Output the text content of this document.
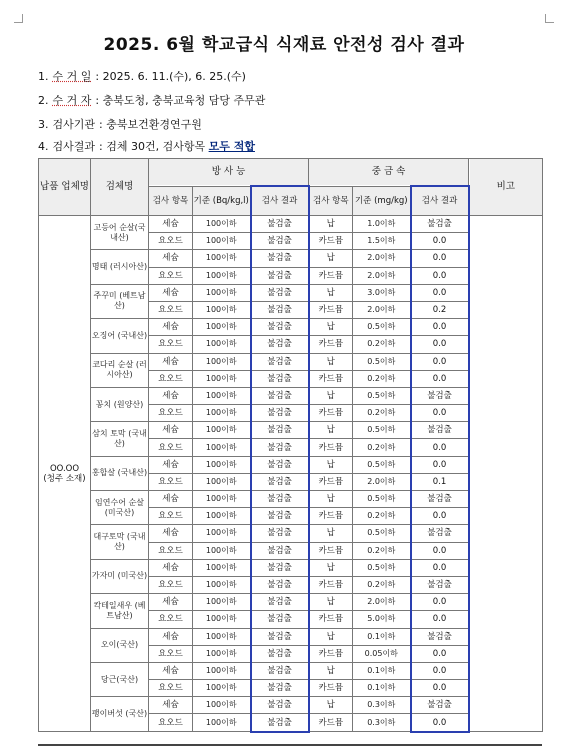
2025. 6월 학교급식 식재료 안전성 검사 결과
1. 수 거 일 : 2025. 6. 11.(수), 6. 25.(수)
2. 수 거 자 : 충북도청, 충북교육청 담당 주무관
3. 검사기관 : 충북보건환경연구원
4. 검사결과 : 검체 30건, 검사항목 모두 적합
납품 업체명	검체명	방 사 능			중 금 속			비고
		검사 항목	기준 (Bq/kg,l)	검사 결과	검사 항목	기준 (mg/kg)	검사 결과	

OO.OO
(청주 소재)	고등어 순살(국내산)	세슘	100이하	불검출	납	1.0이하	불검출	
		요오드	100이하	불검출	카드뮴	1.5이하	0.0	
	명태 (러시아산)	세슘	100이하	불검출	납	2.0이하	0.0	
		요오드	100이하	불검출	카드뮴	2.0이하	0.0	
	주꾸미 (베트남산)	세슘	100이하	불검출	납	3.0이하	0.0	
		요오드	100이하	불검출	카드뮴	2.0이하	0.2	
	오징어 (국내산)	세슘	100이하	불검출	납	0.5이하	0.0	
		요오드	100이하	불검출	카드뮴	0.2이하	0.0	
	코다리 순살 (러시아산)	세슘	100이하	불검출	납	0.5이하	0.0	
		요오드	100이하	불검출	카드뮴	0.2이하	0.0	
	꽁치 (원양산)	세슘	100이하	불검출	납	0.5이하	불검출	
		요오드	100이하	불검출	카드뮴	0.2이하	0.0	
	삼치 토막 (국내산)	세슘	100이하	불검출	납	0.5이하	불검출	
		요오드	100이하	불검출	카드뮴	0.2이하	0.0	
	홍합살 (국내산)	세슘	100이하	불검출	납	0.5이하	0.0	
		요오드	100이하	불검출	카드뮴	2.0이하	0.1	
	임연수어 순살(미국산)	세슘	100이하	불검출	납	0.5이하	불검출	
		요오드	100이하	불검출	카드뮴	0.2이하	0.0	
	대구토막 (국내산)	세슘	100이하	불검출	납	0.5이하	불검출	
		요오드	100이하	불검출	카드뮴	0.2이하	0.0	
	가자미 (미국산)	세슘	100이하	불검출	납	0.5이하	0.0	
		요오드	100이하	불검출	카드뮴	0.2이하	불검출	
	칵테일새우 (베트남산)	세슘	100이하	불검출	납	2.0이하	0.0	
		요오드	100이하	불검출	카드뮴	5.0이하	0.0	
	오이(국산)	세슘	100이하	불검출	납	0.1이하	불검출	
		요오드	100이하	불검출	카드뮴	0.05이하	0.0	
	당근(국산)	세슘	100이하	불검출	납	0.1이하	0.0	
		요오드	100이하	불검출	카드뮴	0.1이하	0.0	
	팽이버섯 (국산)	세슘	100이하	불검출	납	0.3이하	불검출	
		요오드	100이하	불검출	카드뮴	0.3이하	0.0	
